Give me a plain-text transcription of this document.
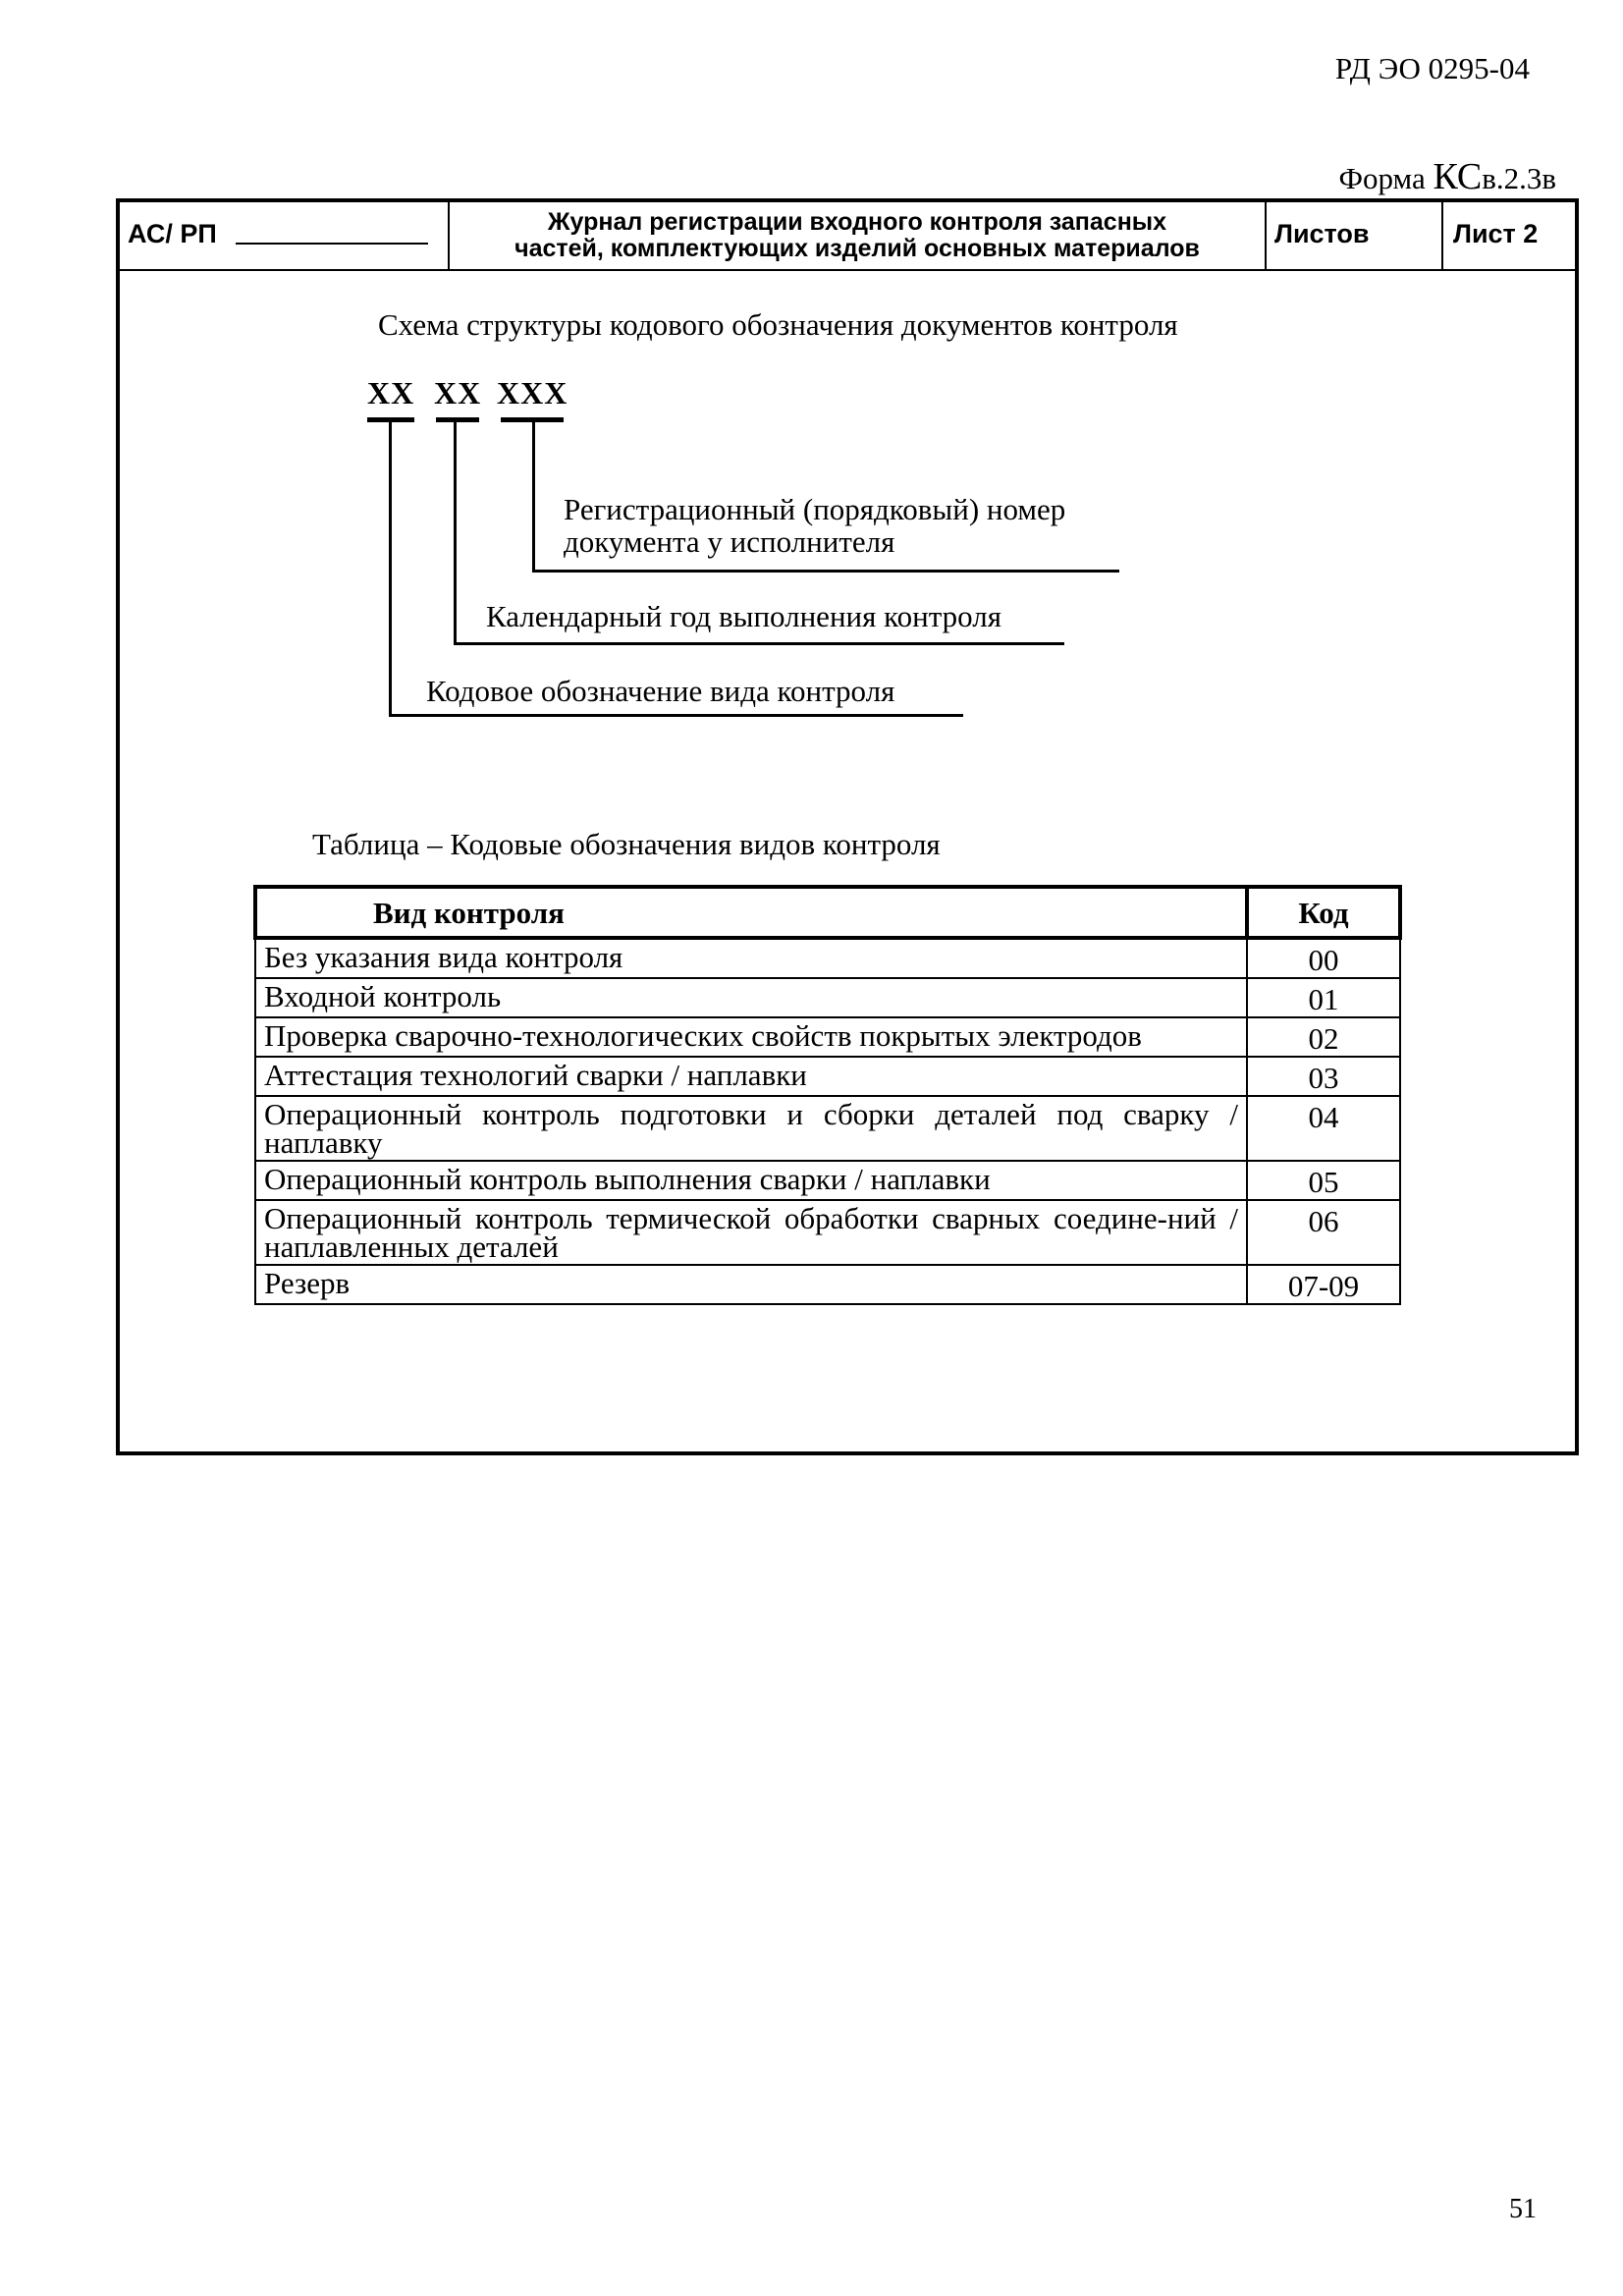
РД ЭО 0295-04
Форма КСв.2.3в
АС/ РП	Журнал регистрации входного контроля запасных
частей, комплектующих изделий основных материалов	Листов	Лист 2
Схема структуры кодового обозначения документов контроля
XX XX XXX
Регистрационный (порядковый) номер
документа у исполнителя
Календарный год выполнения контроля
Кодовое обозначение вида контроля
Таблица – Кодовые обозначения видов контроля
Вид контроля	Код
Без указания вида контроля	00
Входной контроль	01
Проверка сварочно-технологических свойств покрытых электродов	02
Аттестация технологий сварки / наплавки	03
Операционный контроль подготовки и сборки деталей под сварку / наплавку	04
Операционный контроль выполнения сварки / наплавки	05
Операционный контроль термической обработки сварных соедине-ний / наплавленных деталей	06
Резерв	07-09
51
